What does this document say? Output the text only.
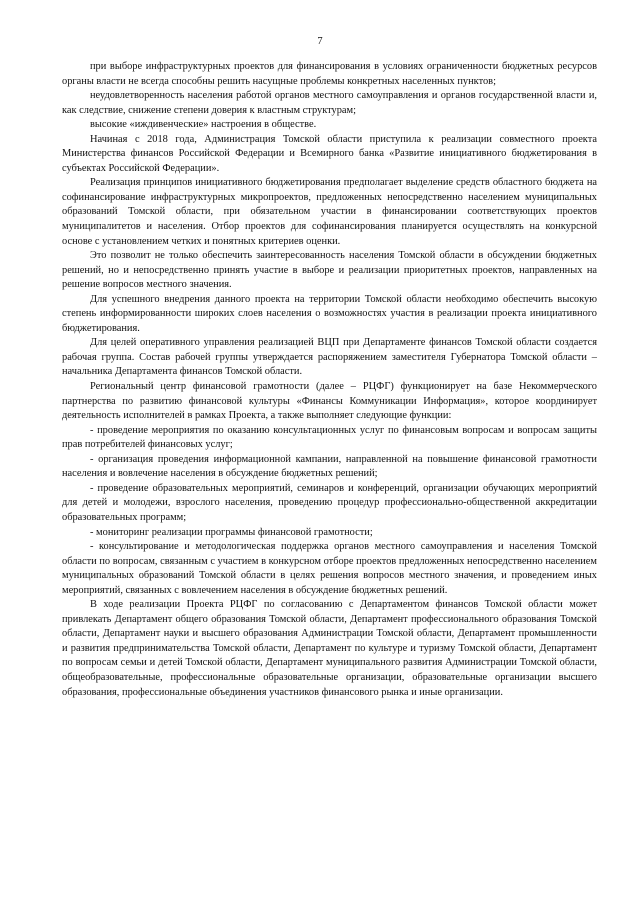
7

при выборе инфраструктурных проектов для финансирования в условиях ограниченности бюджетных ресурсов органы власти не всегда способны решить насущные проблемы конкретных населенных пунктов;

неудовлетворенность населения работой органов местного самоуправления и органов государственной власти и, как следствие, снижение степени доверия к властным структурам;

высокие «иждивенческие» настроения в обществе.

Начиная с 2018 года, Администрация Томской области приступила к реализации совместного проекта Министерства финансов Российской Федерации и Всемирного банка «Развитие инициативного бюджетирования в субъектах Российской Федерации».

Реализация принципов инициативного бюджетирования предполагает выделение средств областного бюджета на софинансирование инфраструктурных микропроектов, предложенных непосредственно населением муниципальных образований Томской области, при обязательном участии в финансировании соответствующих проектов муниципалитетов и населения. Отбор проектов для софинансирования планируется осуществлять на конкурсной основе с установлением четких и понятных критериев оценки.

Это позволит не только обеспечить заинтересованность населения Томской области в обсуждении бюджетных решений, но и непосредственно принять участие в выборе и реализации приоритетных проектов, направленных на решение вопросов местного значения.

Для успешного внедрения данного проекта на территории Томской области необходимо обеспечить высокую степень информированности широких слоев населения о возможностях участия в реализации проекта инициативного бюджетирования.

Для целей оперативного управления реализацией ВЦП при Департаменте финансов Томской области создается рабочая группа. Состав рабочей группы утверждается распоряжением заместителя Губернатора Томской области – начальника Департамента финансов Томской области.

Региональный центр финансовой грамотности (далее – РЦФГ) функционирует на базе Некоммерческого партнерства по развитию финансовой культуры «Финансы Коммуникации Информация», которое координирует деятельность исполнителей в рамках Проекта, а также выполняет следующие функции:

- проведение мероприятия по оказанию консультационных услуг по финансовым вопросам и вопросам защиты прав потребителей финансовых услуг;

- организация проведения информационной кампании, направленной на повышение финансовой грамотности населения и вовлечение населения в обсуждение бюджетных решений;

- проведение образовательных мероприятий, семинаров и конференций, организации обучающих мероприятий для детей и молодежи, взрослого населения, проведению процедур профессионально-общественной аккредитации образовательных программ;

- мониторинг реализации программы финансовой грамотности;

- консультирование и методологическая поддержка органов местного самоуправления и населения Томской области по вопросам, связанным с участием в конкурсном отборе проектов предложенных непосредственно населением муниципальных образований Томской области в целях решения вопросов местного значения, и проведением иных мероприятий, связанных с вовлечением населения в обсуждение бюджетных решений.

В ходе реализации Проекта РЦФГ по согласованию с Департаментом финансов Томской области может привлекать Департамент общего образования Томской области, Департамент профессионального образования Томской области, Департамент науки и высшего образования Администрации Томской области, Департамент промышленности и развития предпринимательства Томской области, Департамент по культуре и туризму Томской области, Департамент по вопросам семьи и детей Томской области, Департамент муниципального развития Администрации Томской области, общеобразовательные, профессиональные образовательные организации, образовательные организации высшего образования, профессиональные объединения участников финансового рынка и иные организации.
